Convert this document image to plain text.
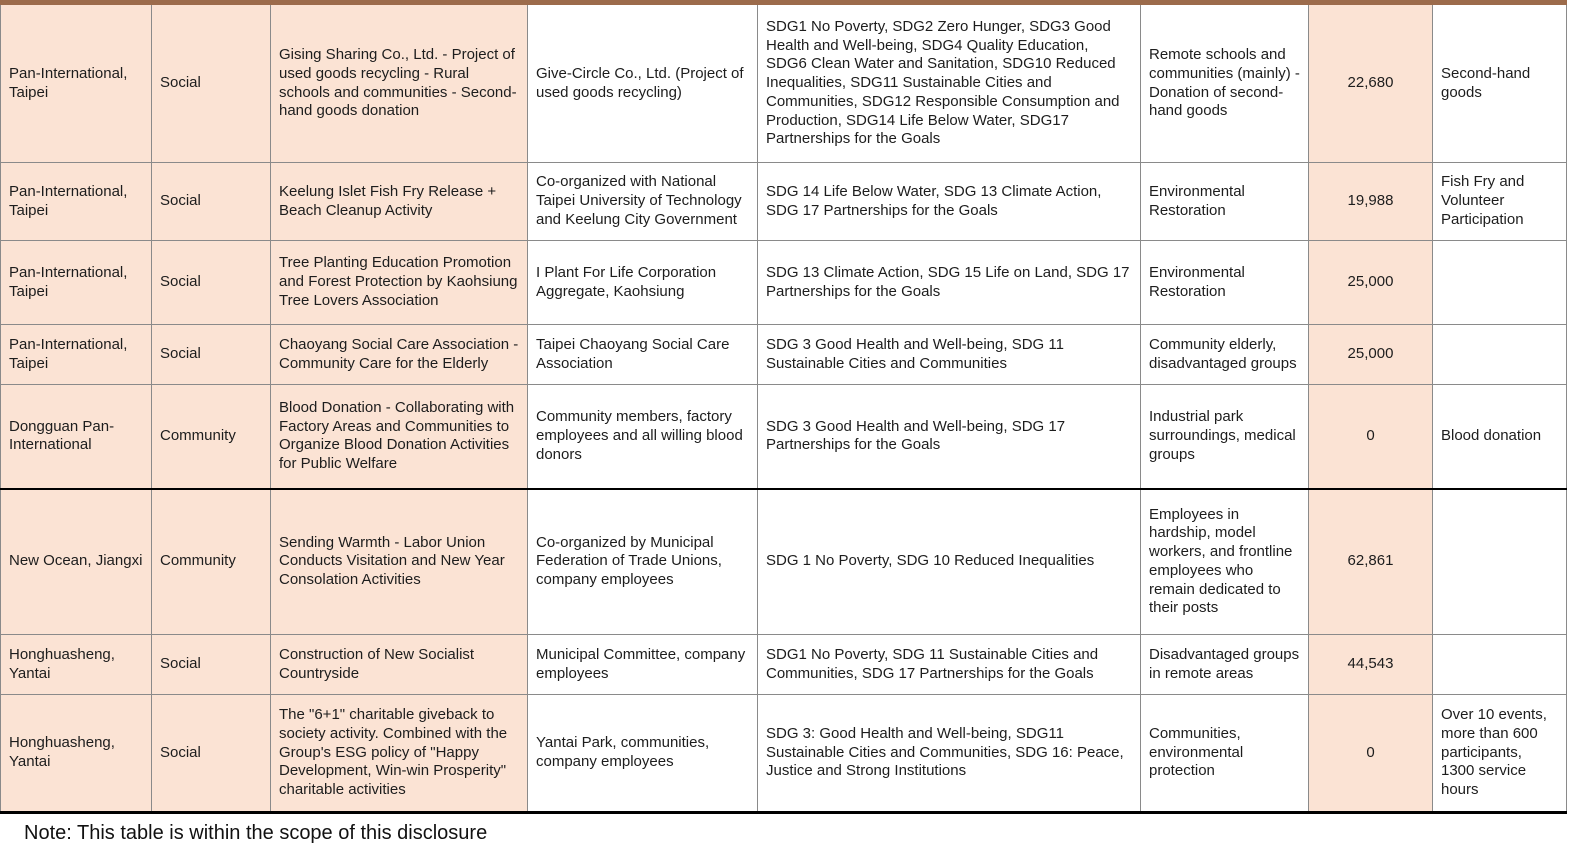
Pan-International, Taipei	Social	Gising Sharing Co., Ltd. - Project of used goods recycling - Rural schools and communities - Second-hand goods donation	Give-Circle Co., Ltd. (Project of used goods recycling)	SDG1 No Poverty, SDG2 Zero Hunger, SDG3 Good Health and Well-being, SDG4 Quality Education, SDG6 Clean Water and Sanitation, SDG10 Reduced Inequalities, SDG11 Sustainable Cities and Communities, SDG12 Responsible Consumption and Production, SDG14 Life Below Water, SDG17 Partnerships for the Goals	Remote schools and communities (mainly) - Donation of second-hand goods	22,680	Second-hand goods
Pan-International, Taipei	Social	Keelung Islet Fish Fry Release + Beach Cleanup Activity	Co-organized with National Taipei University of Technology and Keelung City Government	SDG 14 Life Below Water, SDG 13 Climate Action, SDG 17 Partnerships for the Goals	Environmental Restoration	19,988	Fish Fry and Volunteer Participation
Pan-International, Taipei	Social	Tree Planting Education Promotion and Forest Protection by Kaohsiung Tree Lovers Association	I Plant For Life Corporation Aggregate, Kaohsiung	SDG 13 Climate Action, SDG 15 Life on Land, SDG 17 Partnerships for the Goals	Environmental Restoration	25,000	
Pan-International, Taipei	Social	Chaoyang Social Care Association - Community Care for the Elderly	Taipei Chaoyang Social Care Association	SDG 3 Good Health and Well-being, SDG 11 Sustainable Cities and Communities	Community elderly, disadvantaged groups	25,000	
Dongguan Pan-International	Community	Blood Donation - Collaborating with Factory Areas and Communities to Organize Blood Donation Activities for Public Welfare	Community members, factory employees and all willing blood donors	SDG 3 Good Health and Well-being, SDG 17 Partnerships for the Goals	Industrial park surroundings, medical groups	0	Blood donation
New Ocean, Jiangxi	Community	Sending Warmth - Labor Union Conducts Visitation and New Year Consolation Activities	Co-organized by Municipal Federation of Trade Unions, company employees	SDG 1 No Poverty, SDG 10 Reduced Inequalities	Employees in hardship, model workers, and frontline employees who remain dedicated to their posts	62,861	
Honghuasheng, Yantai	Social	Construction of New Socialist Countryside	Municipal Committee, company employees	SDG1 No Poverty, SDG 11 Sustainable Cities and Communities, SDG 17 Partnerships for the Goals	Disadvantaged groups in remote areas	44,543	
Honghuasheng, Yantai	Social	The "6+1" charitable giveback to society activity. Combined with the Group's ESG policy of "Happy Development, Win-win Prosperity" charitable activities	Yantai Park, communities, company employees	SDG 3: Good Health and Well-being, SDG11 Sustainable Cities and Communities, SDG 16: Peace, Justice and Strong Institutions	Communities, environmental protection	0	Over 10 events, more than 600 participants, 1300 service hours
Note: This table is within the scope of this disclosure
